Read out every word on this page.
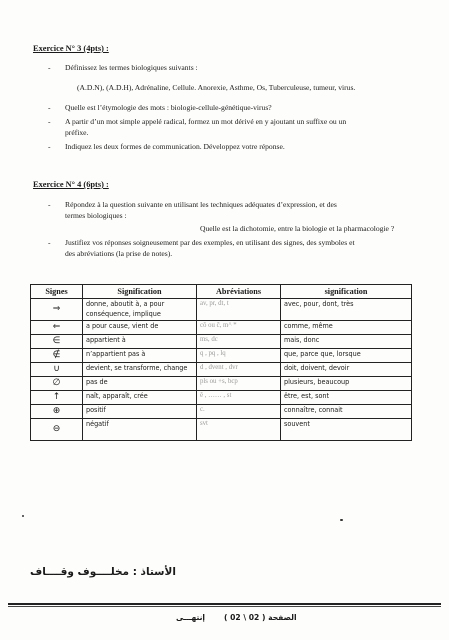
Exercice N° 3 (4pts) :
- Définissez les termes biologiques suivants :
(A.D.N), (A.D.H), Adrénaline, Cellule. Anorexie, Asthme, Os, Tuberculeuse, tumeur, virus.
- Quelle est l’étymologie des mots : biologie-cellule-génétique-virus?
- A partir d’un mot simple appelé radical, formez un mot dérivé en y ajoutant un suffixe ou un
préfixe.
- Indiquez les deux formes de communication. Développez votre réponse.
Exercice N° 4 (6pts) :
- Répondez à la question suivante en utilisant les techniques adéquates d’expression, et des
termes biologiques :
Quelle est la dichotomie, entre la biologie et la pharmacologie ?
- Justifiez vos réponses soigneusement par des exemples, en utilisant des signes, des symboles et
des abréviations (la prise de notes).
Signes	Signification	Abréviations	signification
⇒	donne, aboutit à, a pour conséquence, implique	av, pr, dt, t	avec, pour, dont, très
⇐	a pour cause, vient de	cô ou č, m^ *	comme, même
∈	appartient à	ms, dc	mais, donc
∉	n’appartient pas à	q , pq , lq	que, parce que, lorsque
∪	devient, se transforme, change	d , dvent , dvr	doit, doivent, devoir
∅	pas de	pls ou +s, bcp	plusieurs, beaucoup
↑	naît, apparaît, crée	ê , …… , st	être, est, sont
⊕	positif	c.	connaître, connait
⊖	négatif	svt	souvent
الأستاذ : مخلــــوف وقــــاف
الصفحة ( 02 \ 02 )
إنتهـــى
